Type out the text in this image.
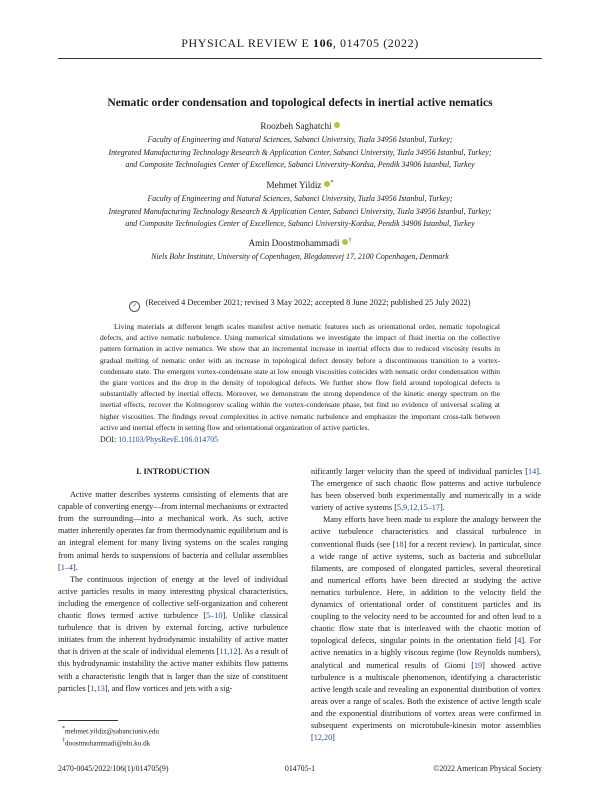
PHYSICAL REVIEW E 106, 014705 (2022)
Nematic order condensation and topological defects in inertial active nematics
Roozbeh Saghatchi
Faculty of Engineering and Natural Sciences, Sabanci University, Tuzla 34956 Istanbul, Turkey;
Integrated Manufacturing Technology Research & Application Center, Sabanci University, Tuzla 34956 Istanbul, Turkey;
and Composite Technologies Center of Excellence, Sabanci University-Kordsa, Pendik 34906 Istanbul, Turkey
Mehmet Yildiz *
Faculty of Engineering and Natural Sciences, Sabanci University, Tuzla 34956 Istanbul, Turkey;
Integrated Manufacturing Technology Research & Application Center, Sabanci University, Tuzla 34956 Istanbul, Turkey;
and Composite Technologies Center of Excellence, Sabanci University-Kordsa, Pendik 34906 Istanbul, Turkey
Amin Doostmohammadi †
Niels Bohr Institute, University of Copenhagen, Blegdamsvej 17, 2100 Copenhagen, Denmark
✓ (Received 4 December 2021; revised 3 May 2022; accepted 8 June 2022; published 25 July 2022)
Living materials at different length scales manifest active nematic features such as orientational order, nematic topological defects, and active nematic turbulence. Using numerical simulations we investigate the impact of fluid inertia on the collective pattern formation in active nematics. We show that an incremental increase in inertial effects due to reduced viscosity results in gradual melting of nematic order with an increase in topological defect density before a discontinuous transition to a vortex-condensate state. The emergent vortex-condensate state at low enough viscosities coincides with nematic order condensation within the giant vortices and the drop in the density of topological defects. We further show flow field around topological defects is substantially affected by inertial effects. Moreover, we demonstrate the strong dependence of the kinetic energy spectrum on the inertial effects, recover the Kolmogorov scaling within the vortex-condensate phase, but find no evidence of universal scaling at higher viscosities. The findings reveal complexities in active nematic turbulence and emphasize the important cross-talk between active and inertial effects in setting flow and orientational organization of active particles.
DOI: 10.1103/PhysRevE.106.014705
I. INTRODUCTION

Active matter describes systems consisting of elements that are capable of converting energy—from internal mechanisms or extracted from the surrounding—into a mechanical work. As such, active matter inherently operates far from thermodynamic equilibrium and is an integral element for many living systems on the scales ranging from animal herds to suspensions of bacteria and cellular assemblies [1–4].

The continuous injection of energy at the level of individual active particles results in many interesting physical characteristics, including the emergence of collective self-organization and coherent chaotic flows termed active turbulence [5–10]. Unlike classical turbulence that is driven by external forcing, active turbulence initiates from the inherent hydrodynamic instability of active matter that is driven at the scale of individual elements [11,12]. As a result of this hydrodynamic instability the active matter exhibits flow patterns with a characteristic length that is larger than the size of constituent particles [1,13], and flow vortices and jets with a sig-

nificantly larger velocity than the speed of individual particles [14]. The emergence of such chaotic flow patterns and active turbulence has been observed both experimentally and numerically in a wide variety of active systems [5,9,12,15–17].

Many efforts have been made to explore the analogy between the active turbulence characteristics and classical turbulence in conventional fluids (see [18] for a recent review). In particular, since a wide range of active systems, such as bacteria and subcellular filaments, are composed of elongated particles, several theoretical and numerical efforts have been directed at studying the active nematics turbulence. Here, in addition to the velocity field the dynamics of orientational order of constituent particles and its coupling to the velocity need to be accounted for and often lead to a chaotic flow state that is interleaved with the chaotic motion of topological defects, singular points in the orientation field [4]. For active nematics in a highly viscous regime (low Reynolds numbers), analytical and numerical results of Giomi [19] showed active turbulence is a multiscale phenomenon, identifying a characteristic active length scale and revealing an exponential distribution of vortex areas over a range of scales. Both the existence of active length scale and the exponential distributions of vortex areas were confirmed in subsequent experiments on microtubule-kinesin motor assemblies [12,20]

*mehmet.yildiz@sabanciuniv.edu
†doostmohammadi@nbi.ku.dk
2470-0045/2022/106(1)/014705(9)	014705-1	©2022 American Physical Society
